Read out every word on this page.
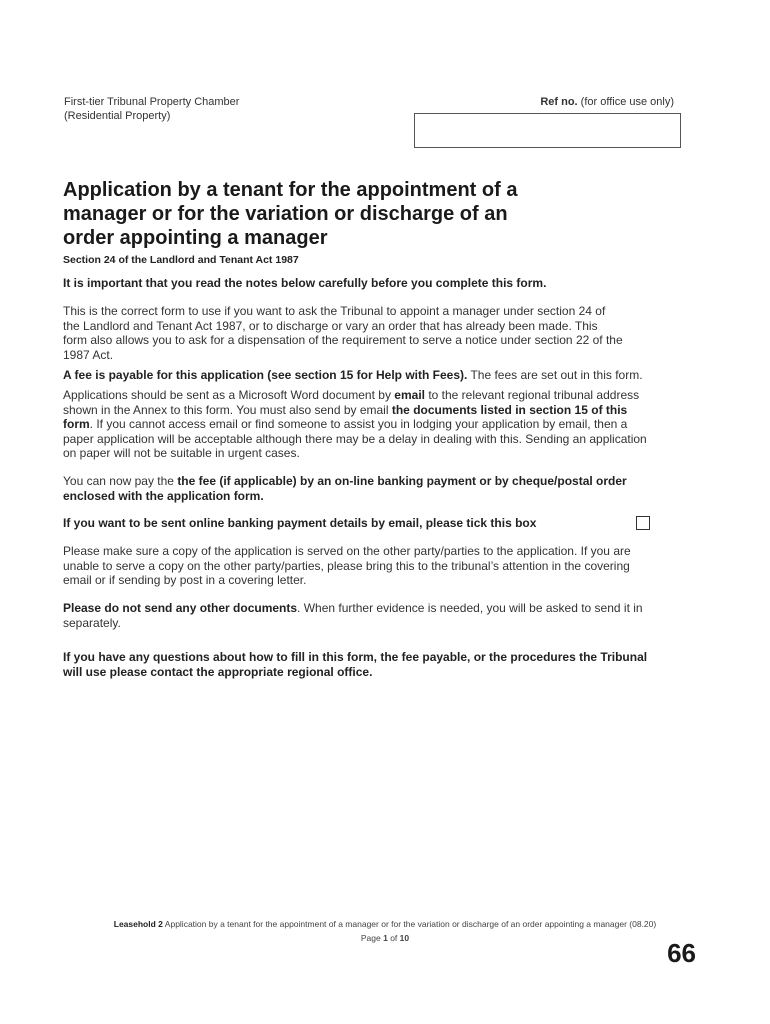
First-tier Tribunal Property Chamber
(Residential Property)
Ref no. (for office use only)
Application by a tenant for the appointment of a
manager or for the variation or discharge of an
order appointing a manager
Section 24 of the Landlord and Tenant Act 1987
It is important that you read the notes below carefully before you complete this form.
This is the correct form to use if you want to ask the Tribunal to appoint a manager under section 24 of
the Landlord and Tenant Act 1987, or to discharge or vary an order that has already been made. This
form also allows you to ask for a dispensation of the requirement to serve a notice under section 22 of the
1987 Act.
A fee is payable for this application (see section 15 for Help with Fees). The fees are set out in this form.
Applications should be sent as a Microsoft Word document by email to the relevant regional tribunal address
shown in the Annex to this form. You must also send by email the documents listed in section 15 of this
form. If you cannot access email or find someone to assist you in lodging your application by email, then a
paper application will be acceptable although there may be a delay in dealing with this. Sending an application
on paper will not be suitable in urgent cases.
You can now pay the the fee (if applicable) by an on-line banking payment or by cheque/postal order
enclosed with the application form.
If you want to be sent online banking payment details by email, please tick this box
Please make sure a copy of the application is served on the other party/parties to the application. If you are
unable to serve a copy on the other party/parties, please bring this to the tribunal’s attention in the covering
email or if sending by post in a covering letter.
Please do not send any other documents. When further evidence is needed, you will be asked to send it in
separately.
If you have any questions about how to fill in this form, the fee payable, or the procedures the Tribunal
will use please contact the appropriate regional office.
Leasehold 2 Application by a tenant for the appointment of a manager or for the variation or discharge of an order appointing a manager (08.20)
Page 1 of 10	66
